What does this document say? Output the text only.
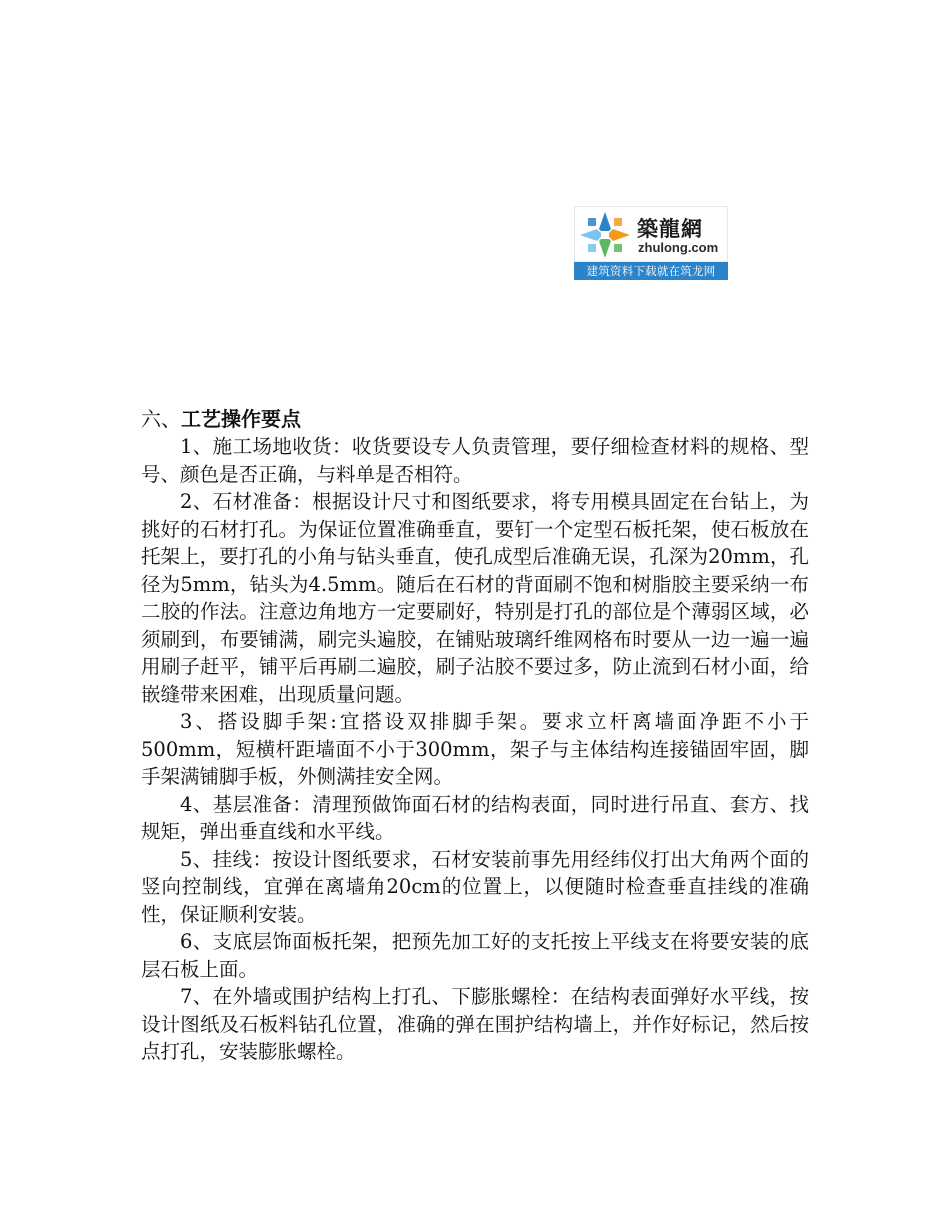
築龍網
zhulong.com
建筑资料下载就在筑龙网

六、工艺操作要点

1、施工场地收货：收货要设专人负责管理，要仔细检查材料的规格、型号、颜色是否正确，与料单是否相符。

2、石材准备：根据设计尺寸和图纸要求，将专用模具固定在台钻上，为挑好的石材打孔。为保证位置准确垂直，要钉一个定型石板托架，使石板放在托架上，要打孔的小角与钻头垂直，使孔成型后准确无误，孔深为20mm，孔径为5mm，钻头为4.5mm。随后在石材的背面刷不饱和树脂胶主要采纳一布二胶的作法。注意边角地方一定要刷好，特别是打孔的部位是个薄弱区域，必须刷到，布要铺满，刷完头遍胶，在铺贴玻璃纤维网格布时要从一边一遍一遍用刷子赶平，铺平后再刷二遍胶，刷子沾胶不要过多，防止流到石材小面，给嵌缝带来困难，出现质量问题。

3、搭设脚手架:宜搭设双排脚手架。要求立杆离墙面净距不小于500mm，短横杆距墙面不小于300mm，架子与主体结构连接锚固牢固，脚手架满铺脚手板，外侧满挂安全网。

4、基层准备：清理预做饰面石材的结构表面，同时进行吊直、套方、找规矩，弹出垂直线和水平线。

5、挂线：按设计图纸要求，石材安装前事先用经纬仪打出大角两个面的竖向控制线，宜弹在离墙角20cm的位置上，以便随时检查垂直挂线的准确性，保证顺利安装。

6、支底层饰面板托架，把预先加工好的支托按上平线支在将要安装的底层石板上面。

7、在外墙或围护结构上打孔、下膨胀螺栓：在结构表面弹好水平线，按设计图纸及石板料钻孔位置，准确的弹在围护结构墙上，并作好标记，然后按点打孔，安装膨胀螺栓。
